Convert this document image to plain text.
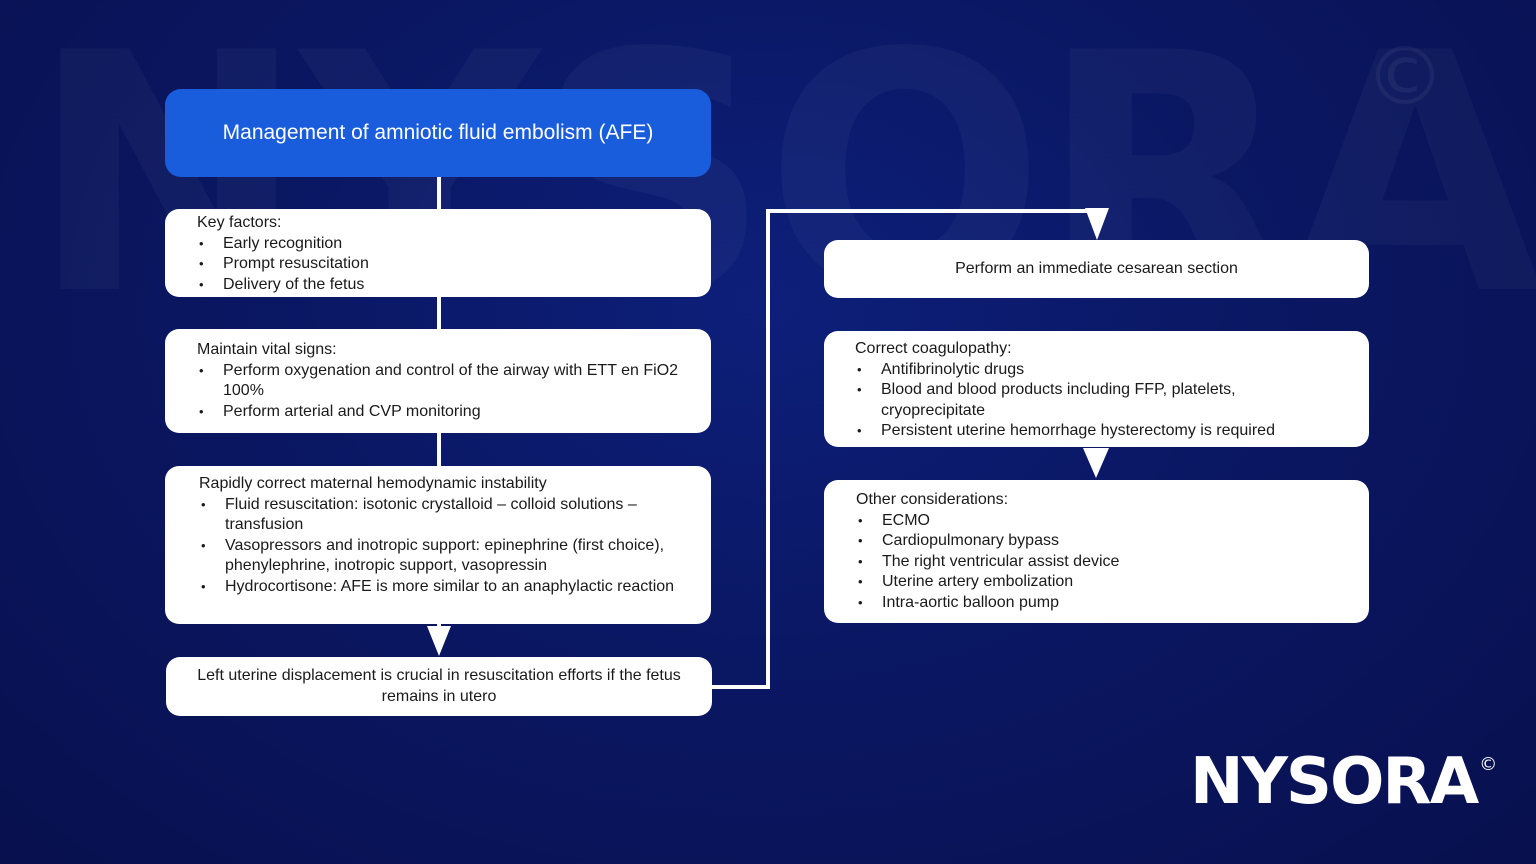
©
Management of amniotic fluid embolism (AFE)
Key factors:
• Early recognition
• Prompt resuscitation
• Delivery of the fetus
Maintain vital signs:
• Perform oxygenation and control of the airway with ETT en FiO2 100%
• Perform arterial and CVP monitoring
Rapidly correct maternal hemodynamic instability
• Fluid resuscitation: isotonic crystalloid – colloid solutions – transfusion
• Vasopressors and inotropic support: epinephrine (first choice), phenylephrine, inotropic support, vasopressin
• Hydrocortisone: AFE is more similar to an anaphylactic reaction
Left uterine displacement is crucial in resuscitation efforts if the fetus remains in utero
Perform an immediate cesarean section
Correct coagulopathy:
• Antifibrinolytic drugs
• Blood and blood products including FFP, platelets, cryoprecipitate
• Persistent uterine hemorrhage hysterectomy is required
Other considerations:
• ECMO
• Cardiopulmonary bypass
• The right ventricular assist device
• Uterine artery embolization
• Intra-aortic balloon pump
NYSORA ©
